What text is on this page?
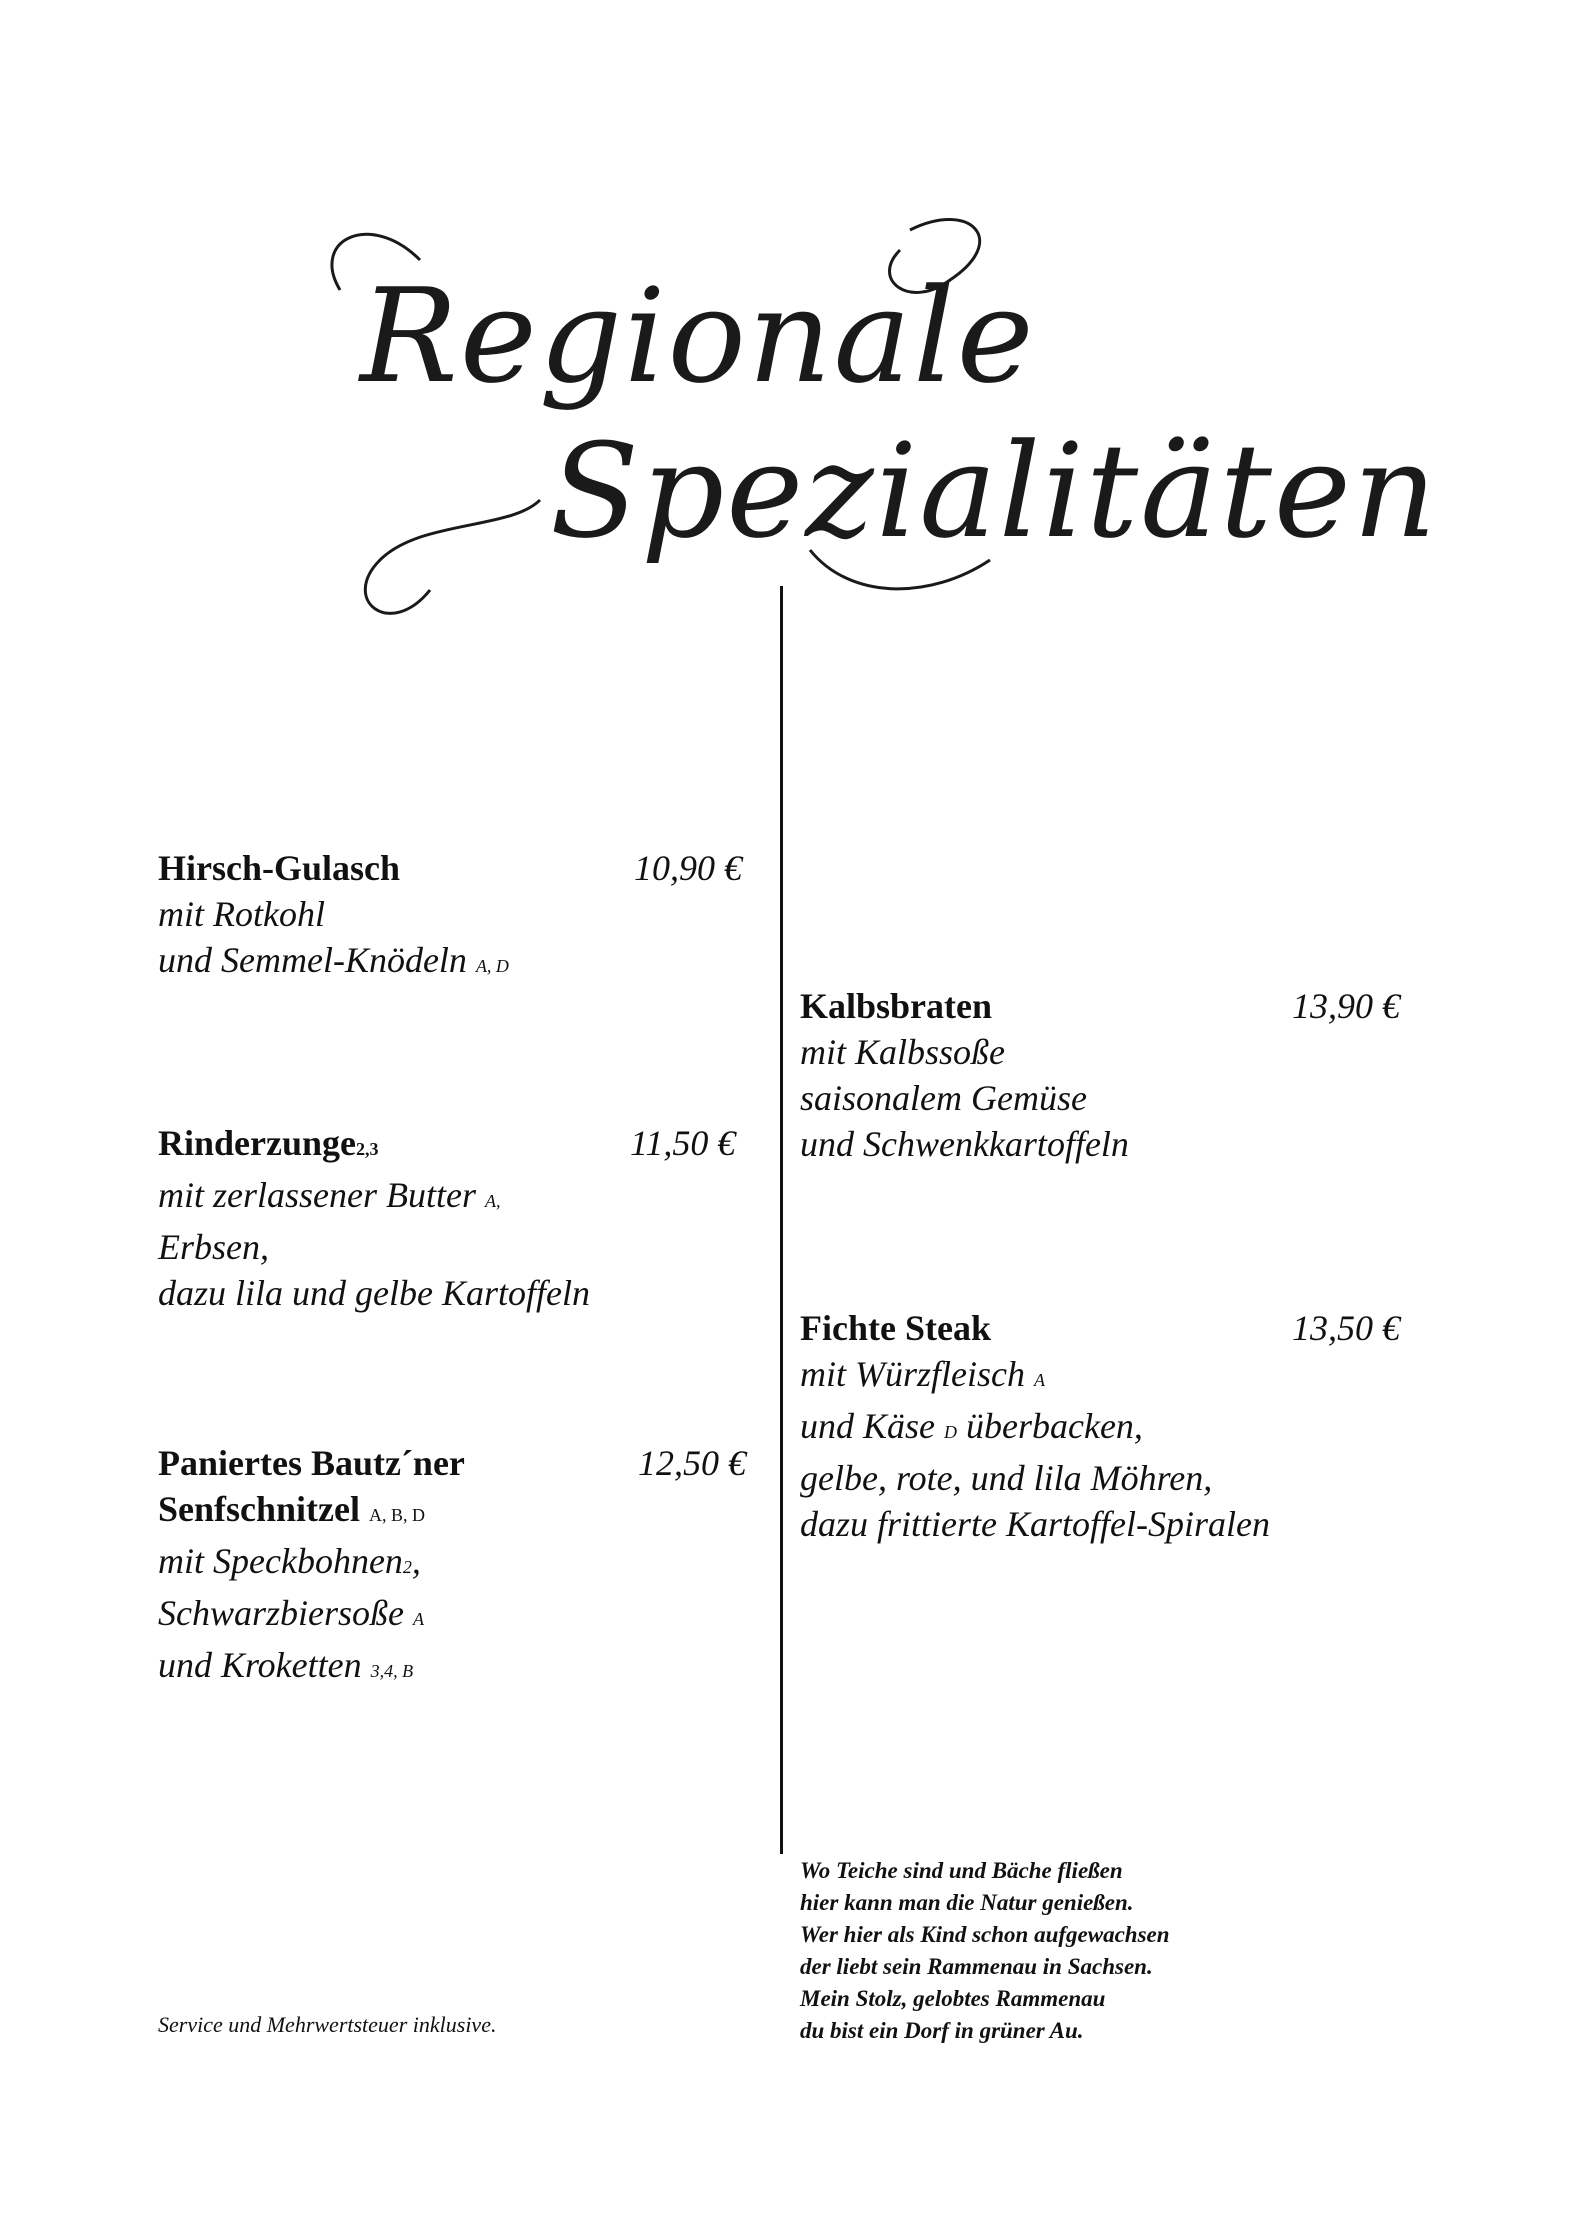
Regionale
Spezialitäten
Hirsch-Gulasch	10,90 €
mit Rotkohl
und Semmel-Knödeln A, D
Rinderzunge2,3	11,50 €
mit zerlassener Butter A,
Erbsen,
dazu lila und gelbe Kartoffeln
Paniertes Bautz´ner	12,50 €
Senfschnitzel A, B, D
mit Speckbohnen2,
Schwarzbiersoße A
und Kroketten 3,4, B
Kalbsbraten	13,90 €
mit Kalbssoße
saisonalem Gemüse
und Schwenkkartoffeln
Fichte Steak	13,50 €
mit Würzfleisch A
und Käse D überbacken,
gelbe, rote, und lila Möhren,
dazu frittierte Kartoffel-Spiralen
Service und Mehrwertsteuer inklusive.
Wo Teiche sind und Bäche fließen
hier kann man die Natur genießen.
Wer hier als Kind schon aufgewachsen
der liebt sein Rammenau in Sachsen.
Mein Stolz, gelobtes Rammenau
du bist ein Dorf in grüner Au.
